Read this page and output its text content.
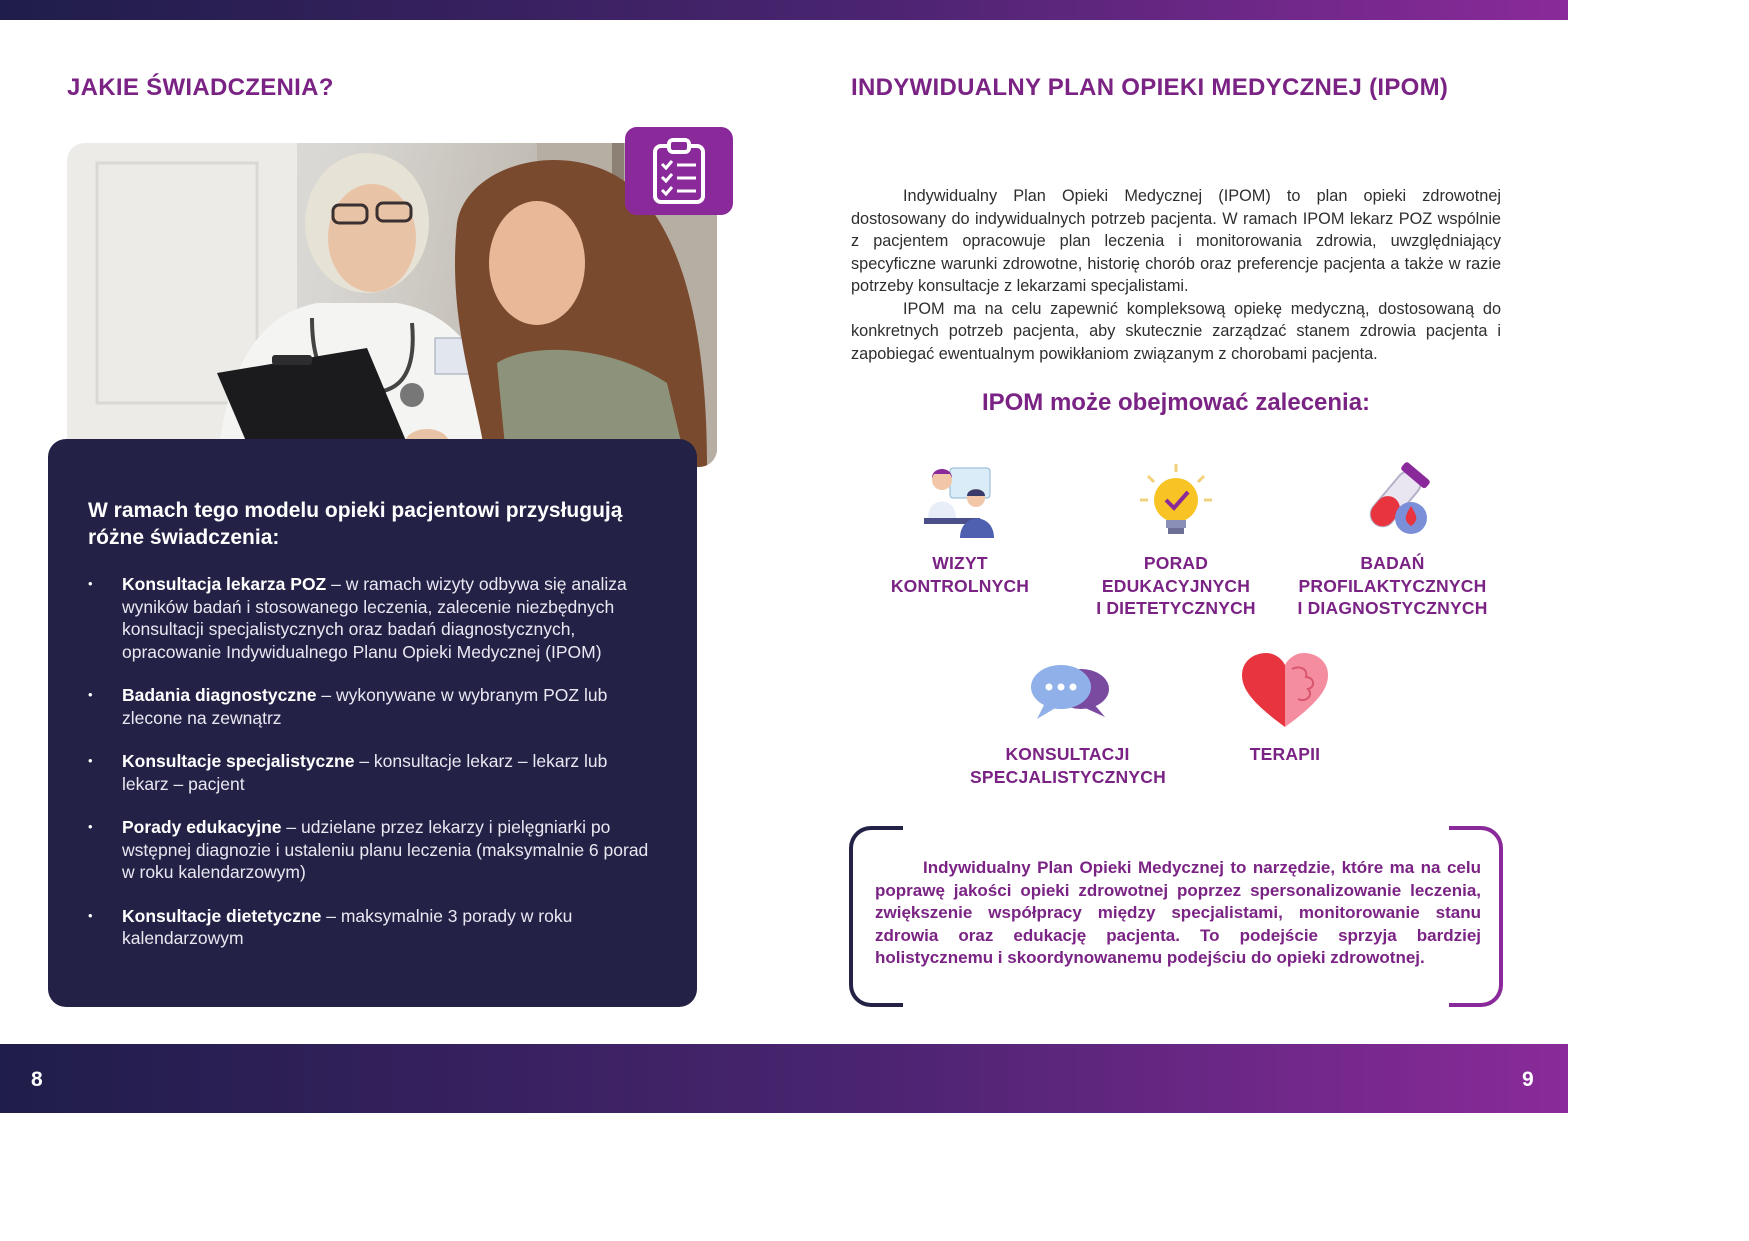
JAKIE ŚWIADCZENIA?
W ramach tego modelu opieki pacjentowi przysługują różne świadczenia:
• Konsultacja lekarza POZ – w ramach wizyty odbywa się analiza wyników badań i stosowanego leczenia, zalecenie niezbędnych konsultacji specjalistycznych oraz badań diagnostycznych, opracowanie Indywidualnego Planu Opieki Medycznej (IPOM)
• Badania diagnostyczne – wykonywane w wybranym POZ lub zlecone na zewnątrz
• Konsultacje specjalistyczne – konsultacje lekarz – lekarz lub lekarz – pacjent
• Porady edukacyjne – udzielane przez lekarzy i pielęgniarki po wstępnej diagnozie i ustaleniu planu leczenia (maksymalnie 6 porad w roku kalendarzowym)
• Konsultacje dietetyczne – maksymalnie 3 porady w roku kalendarzowym
INDYWIDUALNY PLAN OPIEKI MEDYCZNEJ (IPOM)

Indywidualny Plan Opieki Medycznej (IPOM) to plan opieki zdrowotnej dostosowany do indywidualnych potrzeb pacjenta. W ramach IPOM lekarz POZ wspólnie z pacjentem opracowuje plan leczenia i monitorowania zdrowia, uwzględniający specyficzne warunki zdrowotne, historię chorób oraz preferencje pacjenta a także w razie potrzeby konsultacje z lekarzami specjalistami.

IPOM ma na celu zapewnić kompleksową opiekę medyczną, dostosowaną do konkretnych potrzeb pacjenta, aby skutecznie zarządzać stanem zdrowia pacjenta i zapobiegać ewentualnym powikłaniom związanym z chorobami pacjenta.

IPOM może obejmować zalecenia:
WIZYT
KONTROLNYCH
PORAD
EDUKACYJNYCH
I DIETETYCZNYCH
BADAŃ
PROFILAKTYCZNYCH
I DIAGNOSTYCZNYCH
KONSULTACJI
SPECJALISTYCZNYCH
TERAPII

Indywidualny Plan Opieki Medycznej to narzędzie, które ma na celu poprawę jakości opieki zdrowotnej poprzez spersonalizowanie leczenia, zwiększenie współpracy między specjalistami, monitorowanie stanu zdrowia oraz edukację pacjenta. To podejście sprzyja bardziej holistycznemu i skoordynowanemu podejściu do opieki zdrowotnej.

8	9
